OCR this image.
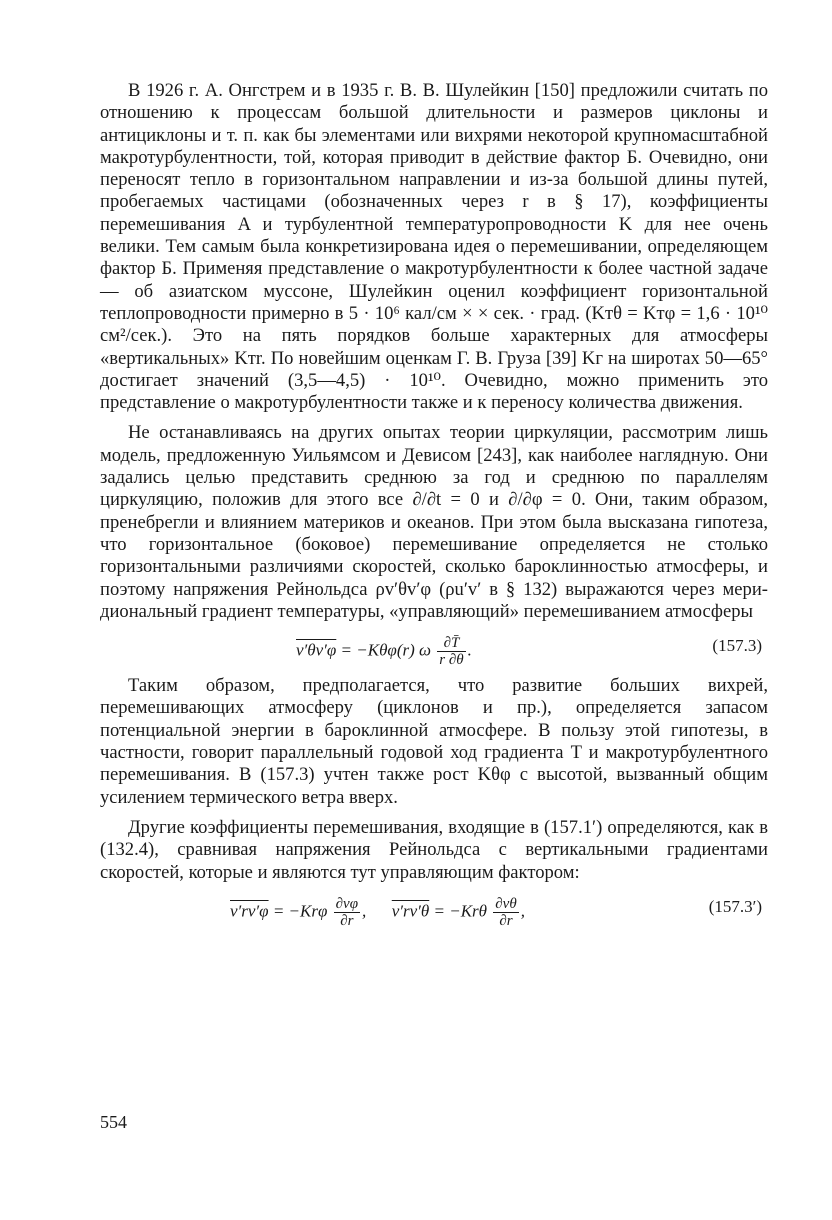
В 1926 г. А. Онгстрем и в 1935 г. В. В. Шулейкин [150] предложили считать по отношению к процессам большой длительности и размеров циклоны и антициклоны и т. п. как бы элементами или вихрями некоторой крупномасштабной макротурбулентности, той, которая приводит в действие фактор Б. Очевидно, они переносят тепло в горизонтальном направлении и из-за большой длины путей, пробегаемых частицами (обозначенных через r в § 17), коэффициенты перемешивания A и турбулентной температуропроводности K для нее очень велики. Тем самым была конкретизирована идея о перемешивании, определяющем фактор Б. Применяя представление о макротурбулентности к более частной задаче — об азиатском муссоне, Шулейкин оценил коэффициент горизонтальной теплопроводности примерно в 5 · 10⁶ кал/см × × сек. · град. (Kтθ = Kтφ = 1,6 · 10¹⁰ см²/сек.). Это на пять порядков больше характерных для атмосферы «вертикальных» Kтr. По новейшим оценкам Г. В. Груза [39] Kг на широтах 50—65° достигает значений (3,5—4,5) · 10¹⁰. Очевидно, можно применить это представление о макротурбулентности также и к переносу количества движения.

Не останавливаясь на других опытах теории циркуляции, рассмотрим лишь модель, предложенную Уильямсом и Девисом [243], как наиболее наглядную. Они задались целью представить среднюю за год и среднюю по параллелям циркуляцию, положив для этого все ∂/∂t = 0 и ∂/∂φ = 0. Они, таким образом, пренебрегли и влиянием материков и океанов. При этом была высказана гипотеза, что горизонтальное (боковое) перемешивание определяется не столько горизонтальными различиями скоростей, сколько бароклинностью атмосферы, и поэтому напряжения Рейнольдса ρv′θv′φ (ρu′v′ в § 132) выражаются через меридиональный градиент температуры, «управляющий» перемешиванием атмосферы

v′θv′φ = −Kθφ(r) ω $\frac{\partial T̄}{r \partial\theta}$ .	(157.3)

Таким образом, предполагается, что развитие больших вихрей, перемешивающих атмосферу (циклонов и пр.), определяется запасом потенциальной энергии в бароклинной атмосфере. В пользу этой гипотезы, в частности, говорит параллельный годовой ход градиента T и макротурбулентного перемешивания. В (157.3) учтен также рост Kθφ с высотой, вызванный общим усилением термического ветра вверх.

Другие коэффициенты перемешивания, входящие в (157.1′) определяются, как в (132.4), сравнивая напряжения Рейнольдса с вертикальными градиентами скоростей, которые и являются тут управляющим фактором:

$v'rv'\varphi = -Kr\varphi \frac{\partial v\varphi}{\partial r}$ , $v'rv'\theta = -Kr\theta \frac{\partial v\theta}{\partial r}$ ,	(157.3′)
554
